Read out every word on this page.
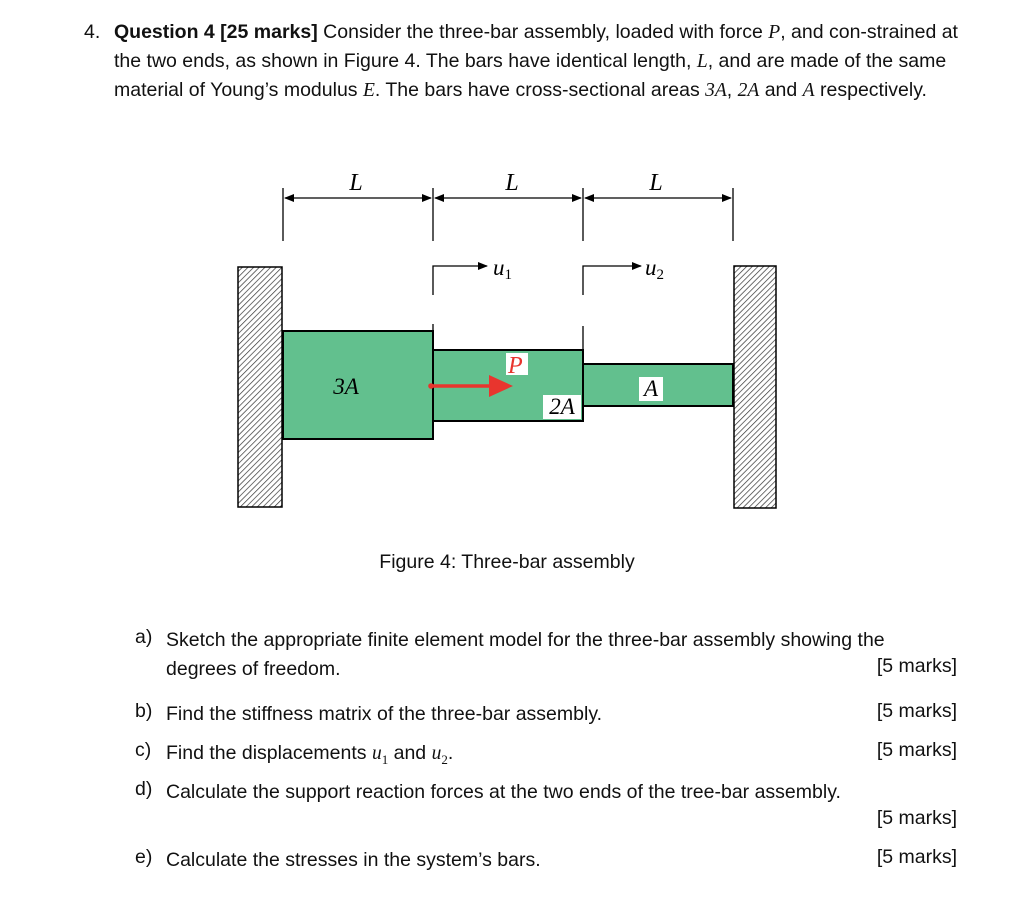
4. Question 4 [25 marks] Consider the three-bar assembly, loaded with force P, and con-strained at the two ends, as shown in Figure 4. The bars have identical length, L, and are made of the same material of Young’s modulus E. The bars have cross-sectional areas 3A, 2A and A respectively.
L	L	L
u1	u2
P
3A
2A
A
Figure 4: Three-bar assembly
a) Sketch the appropriate finite element model for the three-bar assembly showing the degrees of freedom.	[5 marks]
b) Find the stiffness matrix of the three-bar assembly.	[5 marks]
c) Find the displacements $u_1$ and $u_2$.	[5 marks]
d) Calculate the support reaction forces at the two ends of the tree-bar assembly.
[5 marks]
e) Calculate the stresses in the system’s bars.	[5 marks]
